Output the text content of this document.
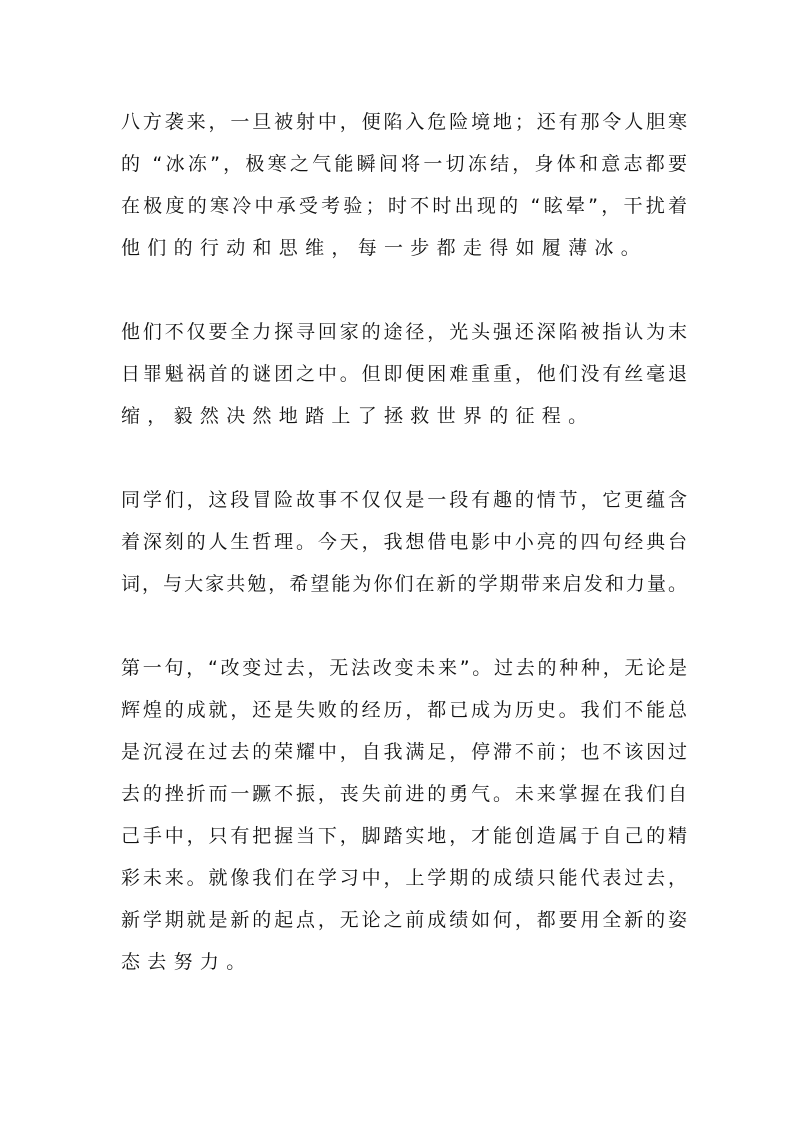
八方袭来，一旦被射中，便陷入危险境地；还有那令人胆寒
的 “冰冻”，极寒之气能瞬间将一切冻结，身体和意志都要
在极度的寒冷中承受考验；时不时出现的 “眩晕”，干扰着
他们的行动和思维，每一步都走得如履薄冰。
他们不仅要全力探寻回家的途径，光头强还深陷被指认为末
日罪魁祸首的谜团之中。但即便困难重重，他们没有丝毫退
缩，毅然决然地踏上了拯救世界的征程。
同学们，这段冒险故事不仅仅是一段有趣的情节，它更蕴含
着深刻的人生哲理。今天，我想借电影中小亮的四句经典台
词，与大家共勉，希望能为你们在新的学期带来启发和力量。
第一句，“改变过去，无法改变未来”。过去的种种，无论是
辉煌的成就，还是失败的经历，都已成为历史。我们不能总
是沉浸在过去的荣耀中，自我满足，停滞不前；也不该因过
去的挫折而一蹶不振，丧失前进的勇气。未来掌握在我们自
己手中，只有把握当下，脚踏实地，才能创造属于自己的精
彩未来。就像我们在学习中，上学期的成绩只能代表过去，
新学期就是新的起点，无论之前成绩如何，都要用全新的姿
态去努力。
